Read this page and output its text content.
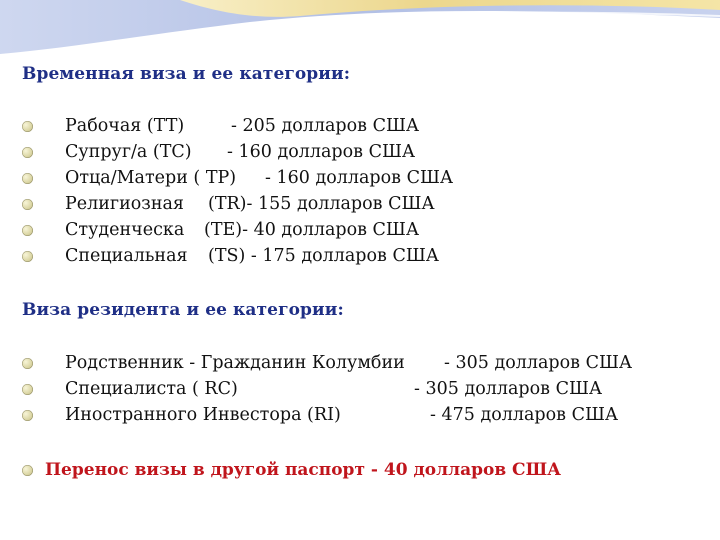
Временная виза и ее категории:
Рабочая (TT)	- 205 долларов США
Супруг/а (TC) - 160 долларов США
Отца/Матери ( TP) - 160 долларов США
Религиозная (TR)- 155 долларов США
Студенческа (TE)- 40 долларов США
Специальная (TS) - 175 долларов США
Виза резидента и ее категории:
Родственник - Гражданин Колумбии - 305 долларов США
Специалиста ( RC)	- 305 долларов США
Иностранного Инвестора (RI)	- 475 долларов США
Перенос визы в другой паспорт - 40 долларов США
